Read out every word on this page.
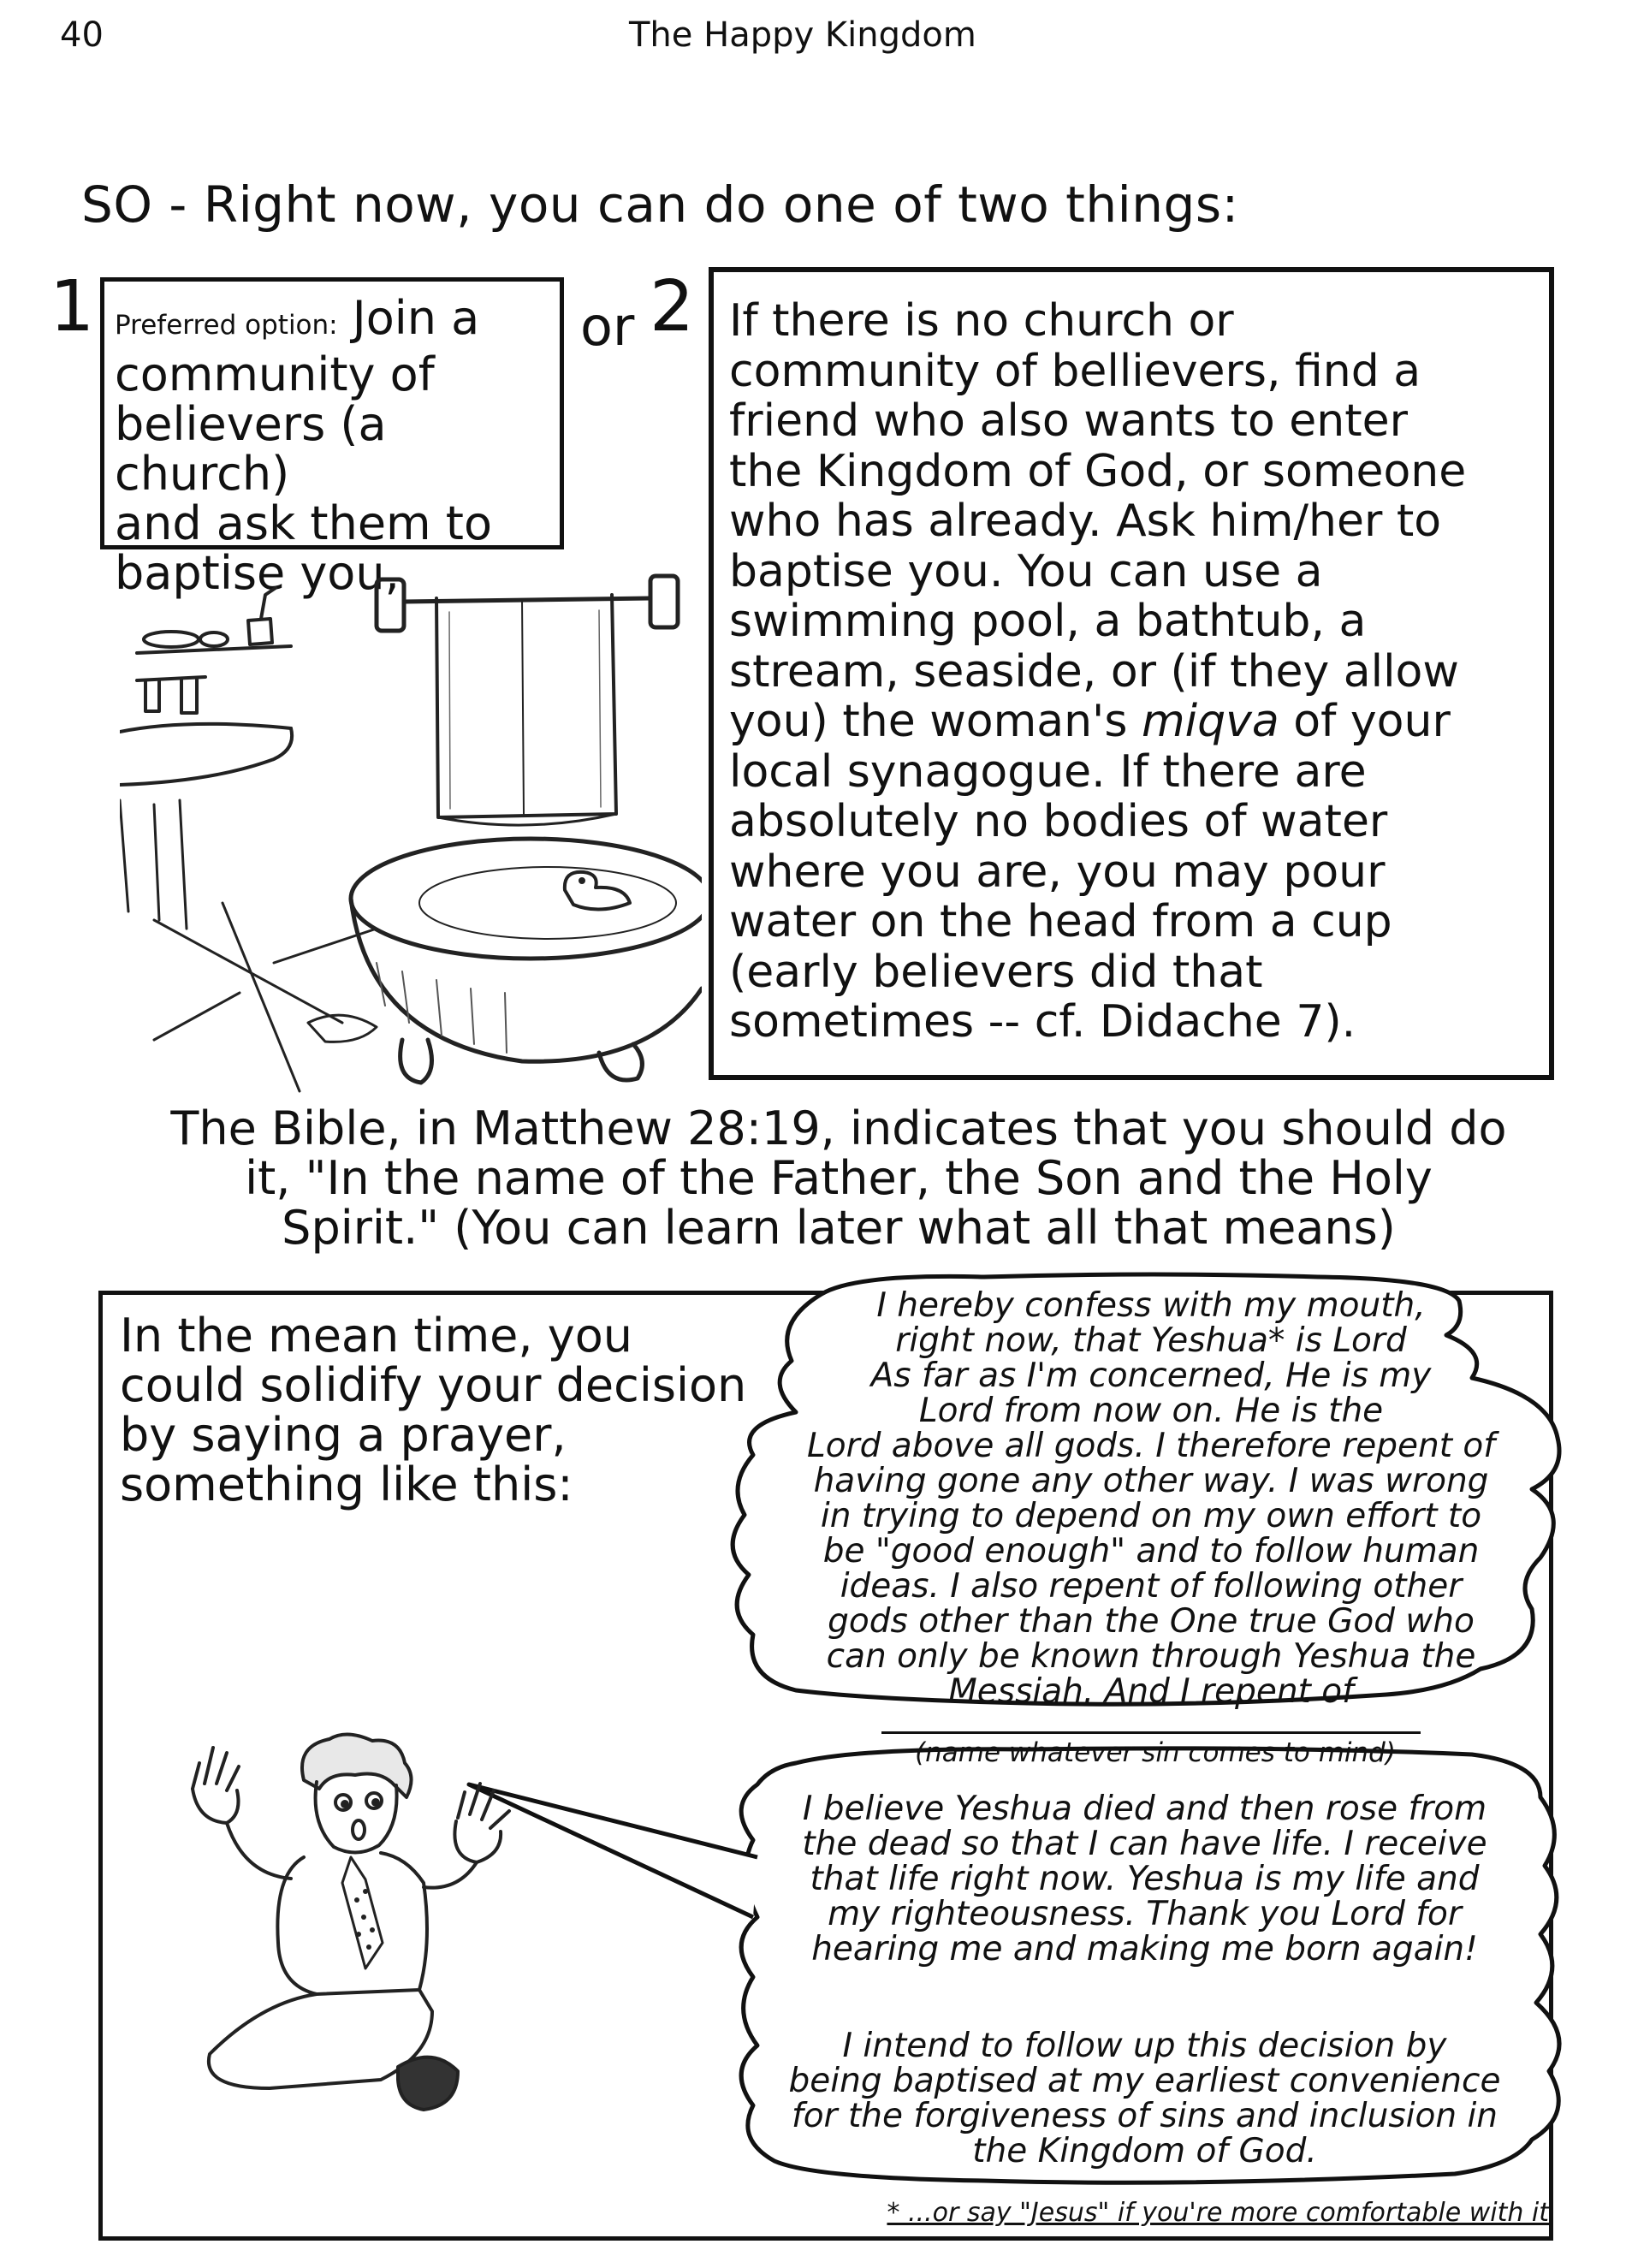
40	The Happy Kingdom
SO - Right now, you can do one of two things:
1 Preferred option: Join a
community of
believers (a church)
and ask them to
baptise you,
or 2 If there is no church or
community of bellievers, find a
friend who also wants to enter
the Kingdom of God, or someone
who has already. Ask him/her to
baptise you. You can use a
swimming pool, a bathtub, a
stream, seaside, or (if they allow
you) the woman's miqva of your
local synagogue. If there are
absolutely no bodies of water
where you are, you may pour
water on the head from a cup
(early believers did that
sometimes -- cf. Didache 7).
The Bible, in Matthew 28:19, indicates that you should do
it, "In the name of the Father, the Son and the Holy
Spirit." (You can learn later what all that means)
In the mean time, you
could solidify your decision
by saying a prayer,
something like this:
I hereby confess with my mouth,
right now, that Yeshua* is Lord
As far as I'm concerned, He is my
Lord from now on. He is the
Lord above all gods. I therefore repent of
having gone any other way. I was wrong
in trying to depend on my own effort to
be "good enough" and to follow human
ideas. I also repent of following other
gods other than the One true God who
can only be known through Yeshua the
Messiah. And I repent of
(name whatever sin comes to mind)
I believe Yeshua died and then rose from
the dead so that I can have life. I receive
that life right now. Yeshua is my life and
my righteousness. Thank you Lord for
hearing me and making me born again!
I intend to follow up this decision by
being baptised at my earliest convenience
for the forgiveness of sins and inclusion in
the Kingdom of God.
* ...or say "Jesus" if you're more comfortable with it
